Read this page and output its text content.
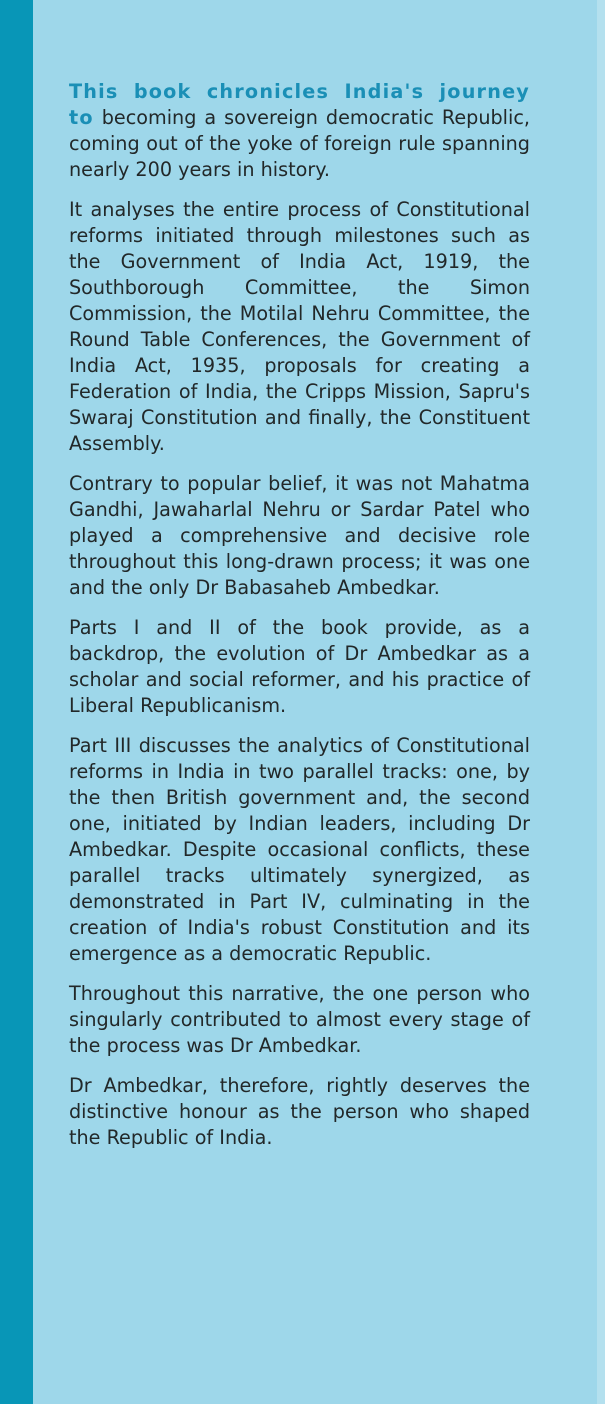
This book chronicles India's journey to becoming a sovereign democratic Republic, coming out of the yoke of foreign rule spanning nearly 200 years in history.

It analyses the entire process of Constitutional reforms initiated through milestones such as the Government of India Act, 1919, the Southborough Committee, the Simon Commission, the Motilal Nehru Committee, the Round Table Conferences, the Government of India Act, 1935, proposals for creating a Federation of India, the Cripps Mission, Sapru's Swaraj Constitution and finally, the Constituent Assembly.

Contrary to popular belief, it was not Mahatma Gandhi, Jawaharlal Nehru or Sardar Patel who played a comprehensive and decisive role throughout this long-drawn process; it was one and the only Dr Babasaheb Ambedkar.

Parts I and II of the book provide, as a backdrop, the evolution of Dr Ambedkar as a scholar and social reformer, and his practice of Liberal Republicanism.

Part III discusses the analytics of Constitutional reforms in India in two parallel tracks: one, by the then British government and, the second one, initiated by Indian leaders, including Dr Ambedkar. Despite occasional conflicts, these parallel tracks ultimately synergized, as demonstrated in Part IV, culminating in the creation of India's robust Constitution and its emergence as a democratic Republic.

Throughout this narrative, the one person who singularly contributed to almost every stage of the process was Dr Ambedkar.

Dr Ambedkar, therefore, rightly deserves the distinctive honour as the person who shaped the Republic of India.
